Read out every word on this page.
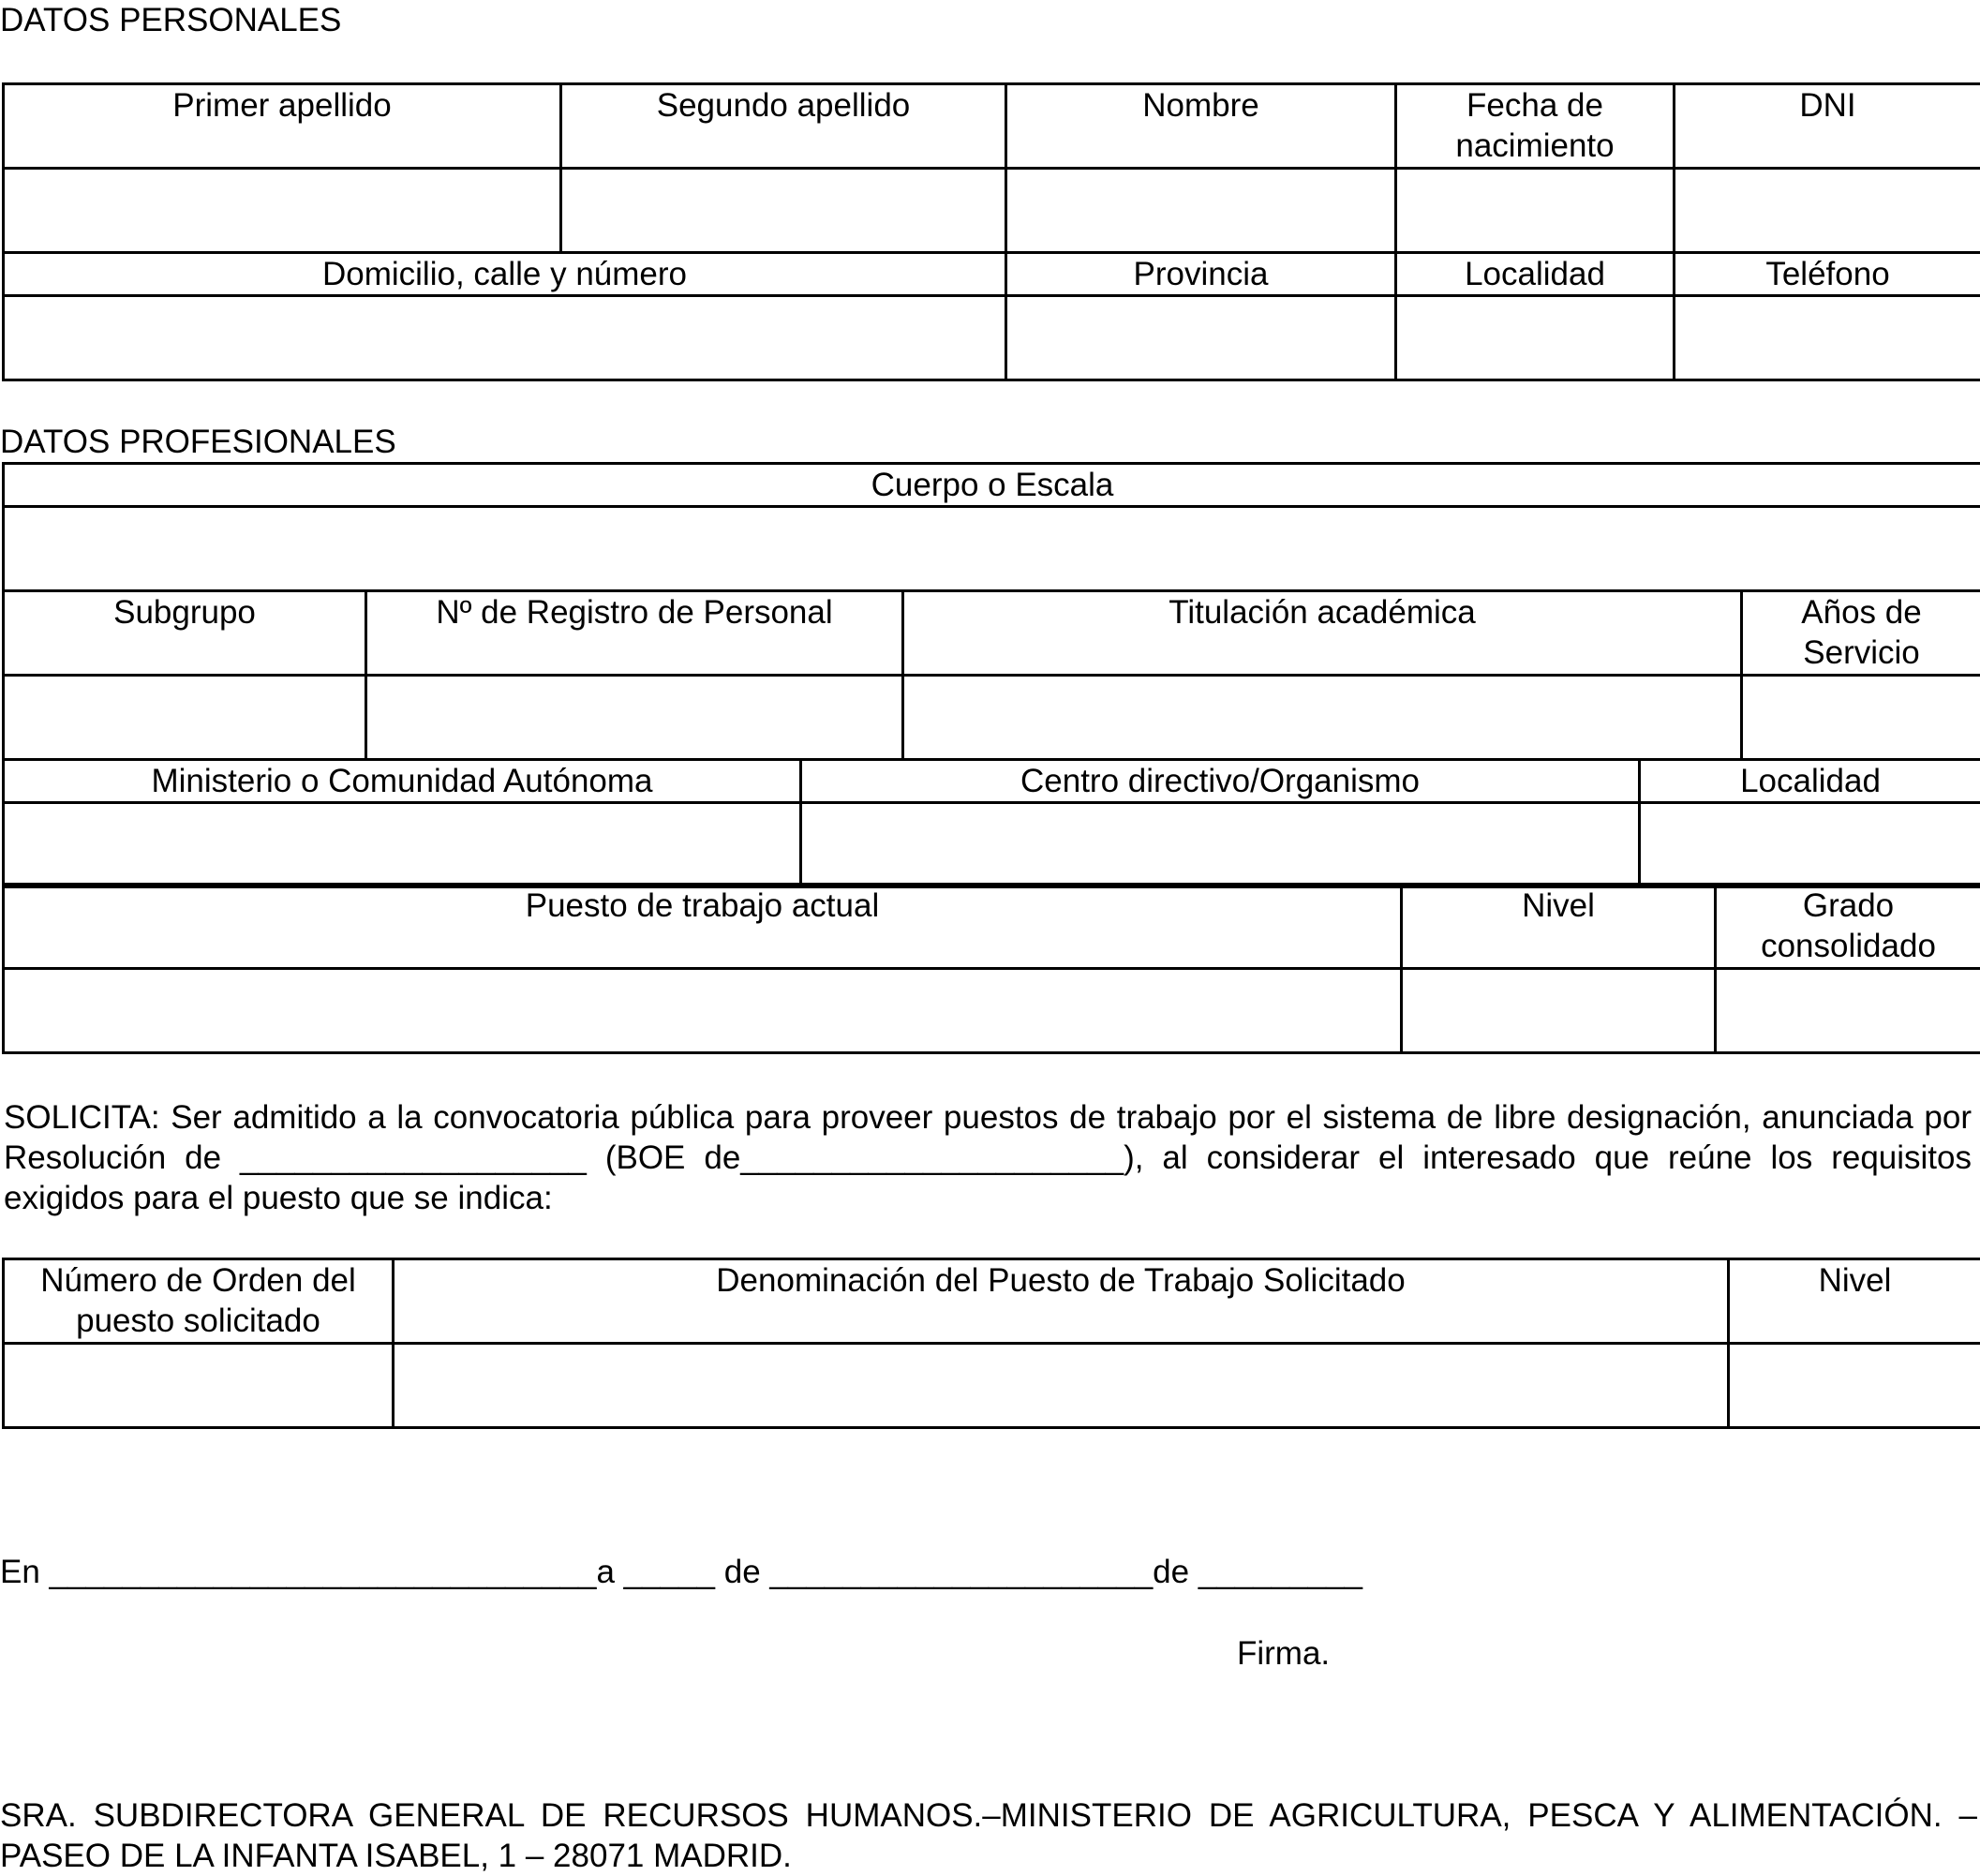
DATOS PERSONALES
Primer apellido	Segundo apellido	Nombre	Fecha de nacimiento	DNI

Domicilio, calle y número		Provincia	Localidad	Teléfono

DATOS PROFESIONALES
Cuerpo o Escala			

Subgrupo	Nº de Registro de Personal	Titulación académica	Años de Servicio

Ministerio o Comunidad Autónoma	Centro directivo/Organismo	Localidad

Puesto de trabajo actual	Nivel	Grado consolidado

SOLICITA: Ser admitido a la convocatoria pública para proveer puestos de trabajo por el sistema de libre designación, anunciada por Resolución de ___________________ (BOE de_____________________), al considerar el interesado que reúne los requisitos exigidos para el puesto que se indica:
Número de Orden del puesto solicitado	Denominación del Puesto de Trabajo Solicitado	Nivel

En ______________________________a _____ de _____________________de _________
Firma.
SRA. SUBDIRECTORA GENERAL DE RECURSOS HUMANOS.–MINISTERIO DE AGRICULTURA, PESCA Y ALIMENTACIÓN. –PASEO DE LA INFANTA ISABEL, 1 – 28071 MADRID.
